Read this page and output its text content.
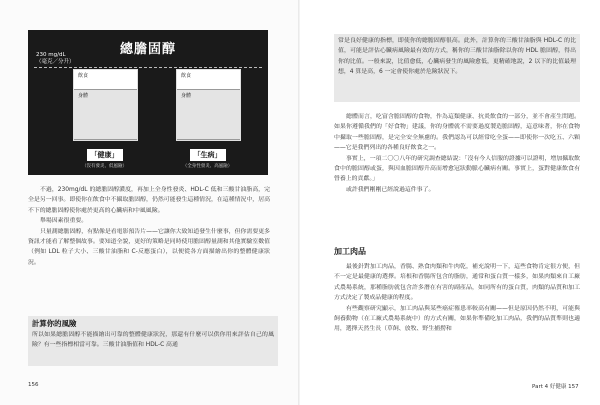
總膽固醇
230 mg/dL
（毫克／分升）
飲食
身體
「健康」
（沒有發炎、低風險）
飲食
身體
「生病」
（全身性發炎、高風險）

不過，230mg/dL 的總膽固醇濃度，再加上全身性發炎、HDL-C 低和三酸甘油脂高，完全是另一回事。即使你在飲食中不攝取膽固醇，仍然可能發生這種情況，在這種情況中，居高不下的總膽固醇使你處於更高的心臟病和中風風險。

舉場因素很重要。

只量測總膽固醇，有點像是看電影預告片——它讓你大致知道發生什麼事，但你需要更多資訊才能看了解整個故事。要知道全貌，更好的策略是同時使用膽固醇量測和其他實驗室數值（例如 LDL 粒子大小、三酸甘油脂和 C-反應蛋白），以便從各方面描繪出你的整體健康狀況。

計算你的風險

所以如果總膽固醇不能描繪出可靠的整體健康狀況，那還有什麼可以供你用來評估自己的風險？有一些指標相當可靠。三酸甘油脂值和 HDL-C 高通

156

常是良好健康的指標，即使你的總膽固醇很高。此外，計算你的三酸甘油脂與 HDL-C 的比值，可能是評估心臟病風險最有效的方式，稱你的三酸甘油脂除以你的 HDL 膽固醇，得出你的比值。一般來說，比值愈低，心臟病發生的風險愈低，更精確地說，2 以下的比值最理想，4 算是高，6 一定會使你處於危險狀況下。

總體而言，吃富含膽固醇的食物，作為這類健康、抗炎飲食的一部分，並不會產生問題。如果你遵循我們的「好食物」建議，你的身體就不需要過度製造膽固醇，這意味著，你在食物中攝取一些膽固醇，是完全安全無慮的。我們認為可以經常吃全蛋——即使你一次吃五、六顆——它是我們列出的各種良好飲食之一。

事實上，一項二〇〇八年的研究調查總結說：「沒有今人信服的證據可以證明，增加攝取飲食中的膽固醇或蛋，與因血膽固醇升高而增愈冠狀動脈心臟病有關。事實上，蛋對健康飲食有營養上的貢獻。」

或許我們剛剛已經說過這件事了。

加工肉品

最後針對加工肉品，香腸、熟食肉類和牛肉乾，補充說明一下，這些食物肯定很方便，但不一定是最健康的選擇。培根和香腸所包含的脂肪，通常和蛋白質一樣多，如果肉類來自工廠式農場系統，那種脂肪就包含許多潛在有害的副產品，如同所有的蛋白質，肉類的品質和加工方式決定了製成品健康的程度。

有些觀察研究顯示，加工肉品與某些癌症罹患率較高有關——但是原因仍然不明，可能與飼養動物（在工廠式農場系統中）的方式有關，如果你準備吃加工肉品，我們的品質準則也適用，選擇天然生長（草飼、放牧、野生捕撈和

Part 4 好健康 157
